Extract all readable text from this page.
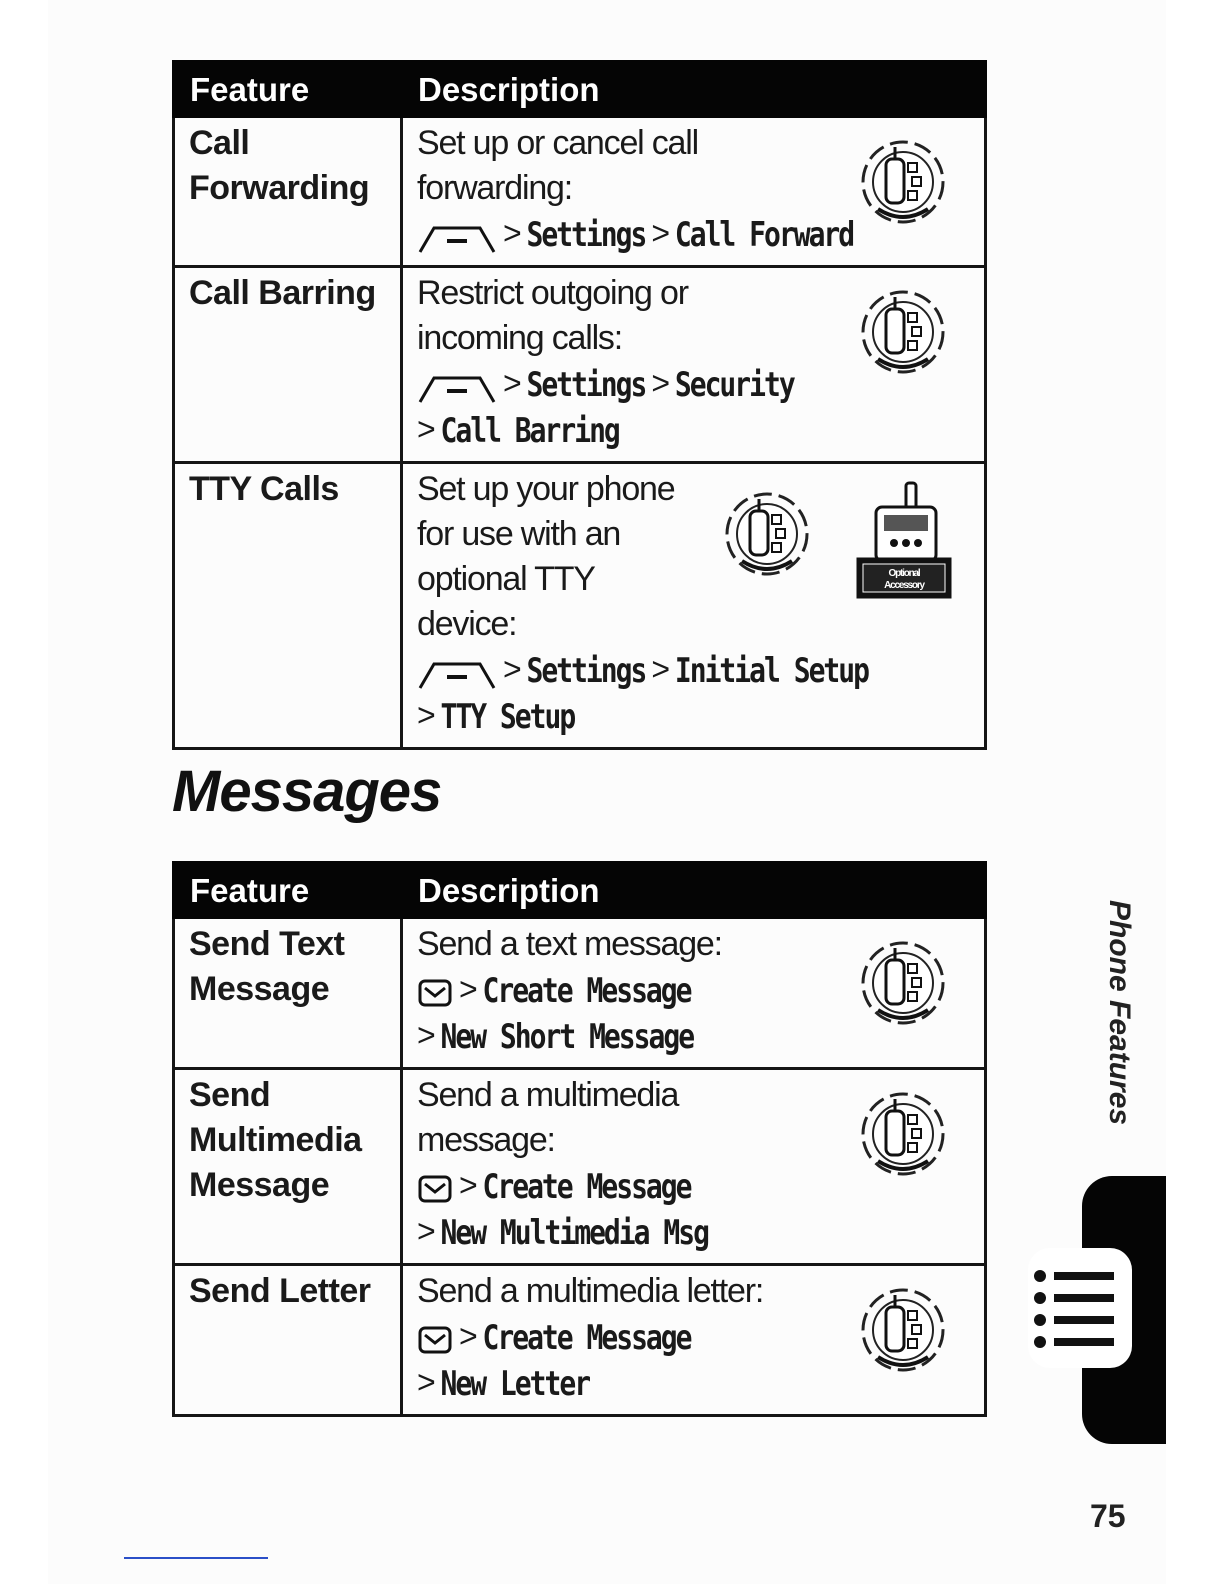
Feature	Description
Call Forwarding	Set up or cancel call forwarding:
> Settings > Call Forward

Call Barring	Restrict outgoing or incoming calls:
> Settings > Security
> Call Barring

TTY Calls	Set up your phone for use with an optional TTY device:
> Settings > Initial Setup
> TTY Setup
Optional
Accessory
Messages
Feature	Description
Send Text Message	Send a text message:
> Create Message
> New Short Message

Send Multimedia Message	Send a multimedia message:
> Create Message
> New Multimedia Msg

Send Letter	Send a multimedia letter:
> Create Message
> New Letter
Phone Features
75
